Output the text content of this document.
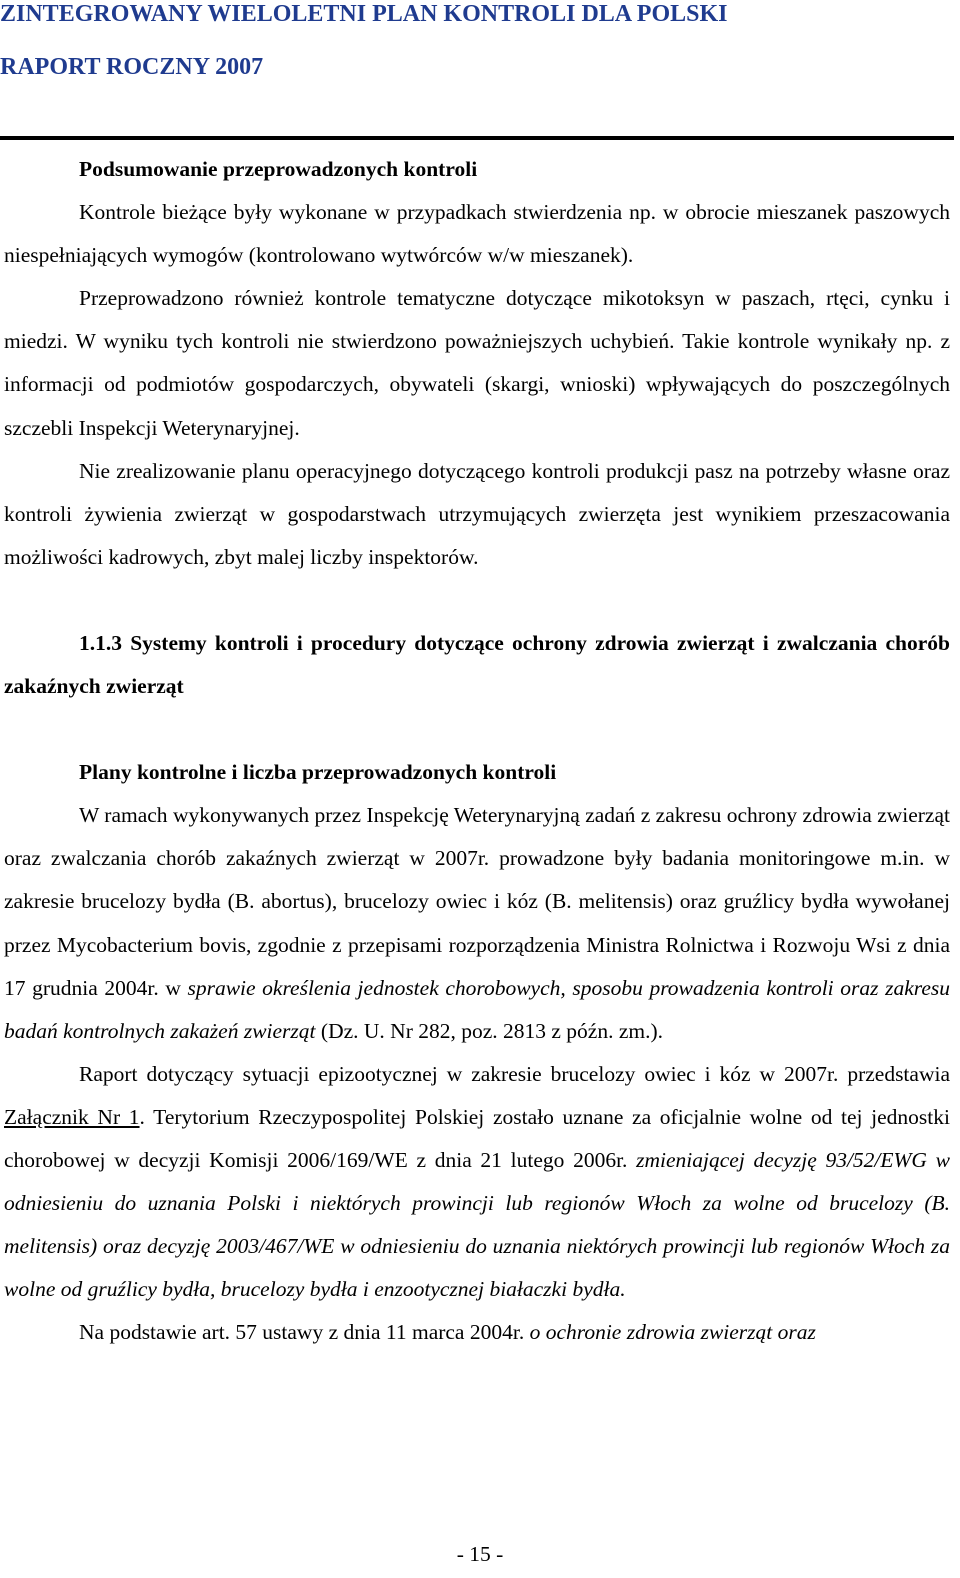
ZINTEGROWANY WIELOLETNI PLAN KONTROLI DLA POLSKI

RAPORT ROCZNY 2007

Podsumowanie przeprowadzonych kontroli

Kontrole bieżące były wykonane w przypadkach stwierdzenia np. w obrocie mieszanek paszowych niespełniających wymogów (kontrolowano wytwórców w/w mieszanek).

Przeprowadzono również kontrole tematyczne dotyczące mikotoksyn w paszach, rtęci, cynku i miedzi. W wyniku tych kontroli nie stwierdzono poważniejszych uchybień. Takie kontrole wynikały np. z informacji od podmiotów gospodarczych, obywateli (skargi, wnioski) wpływających do poszczególnych szczebli Inspekcji Weterynaryjnej.

Nie zrealizowanie planu operacyjnego dotyczącego kontroli produkcji pasz na potrzeby własne oraz kontroli żywienia zwierząt w gospodarstwach utrzymujących zwierzęta jest wynikiem przeszacowania możliwości kadrowych, zbyt malej liczby inspektorów.

1.1.3 Systemy kontroli i procedury dotyczące ochrony zdrowia zwierząt i zwalczania chorób zakaźnych zwierząt

Plany kontrolne i liczba przeprowadzonych kontroli

W ramach wykonywanych przez Inspekcję Weterynaryjną zadań z zakresu ochrony zdrowia zwierząt oraz zwalczania chorób zakaźnych zwierząt w 2007r. prowadzone były badania monitoringowe m.in. w zakresie brucelozy bydła (B. abortus), brucelozy owiec i kóz (B. melitensis) oraz gruźlicy bydła wywołanej przez Mycobacterium bovis, zgodnie z przepisami rozporządzenia Ministra Rolnictwa i Rozwoju Wsi z dnia 17 grudnia 2004r. w sprawie określenia jednostek chorobowych, sposobu prowadzenia kontroli oraz zakresu badań kontrolnych zakażeń zwierząt (Dz. U. Nr 282, poz. 2813 z późn. zm.).

Raport dotyczący sytuacji epizootycznej w zakresie brucelozy owiec i kóz w 2007r. przedstawia Załącznik Nr 1. Terytorium Rzeczypospolitej Polskiej zostało uznane za oficjalnie wolne od tej jednostki chorobowej w decyzji Komisji 2006/169/WE z dnia 21 lutego 2006r. zmieniającej decyzję 93/52/EWG w odniesieniu do uznania Polski i niektórych prowincji lub regionów Włoch za wolne od brucelozy (B. melitensis) oraz decyzję 2003/467/WE w odniesieniu do uznania niektórych prowincji lub regionów Włoch za wolne od gruźlicy bydła, brucelozy bydła i enzootycznej białaczki bydła.

Na podstawie art. 57 ustawy z dnia 11 marca 2004r. o ochronie zdrowia zwierząt oraz

- 15 -
